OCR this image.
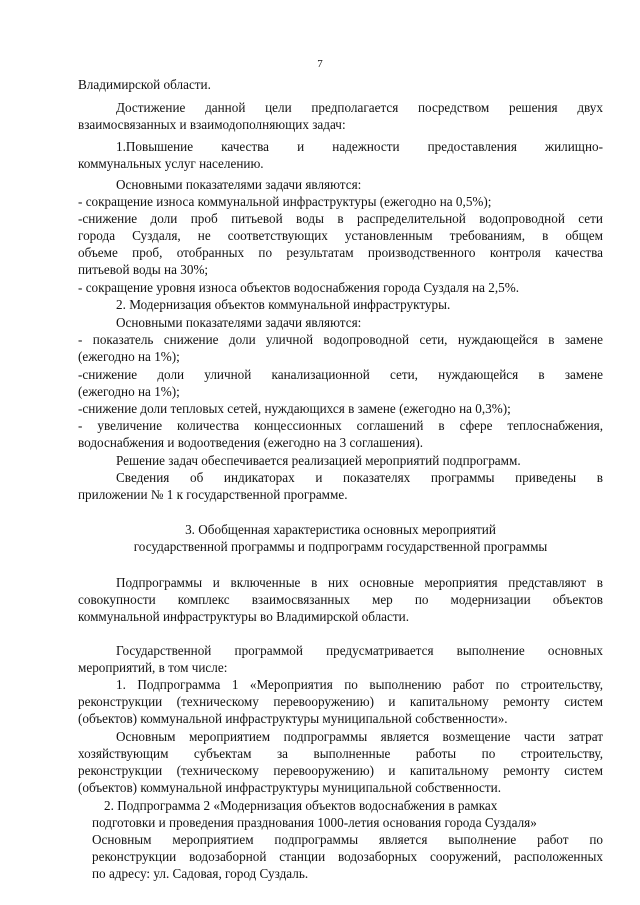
7
Владимирской области.
Достижение данной цели предполагается посредством решения двух
взаимосвязанных и взаимодополняющих задач:
1.Повышение качества и надежности предоставления жилищно-
коммунальных услуг населению.
Основными показателями задачи являются:
- сокращение износа коммунальной инфраструктуры (ежегодно на 0,5%);
-снижение доли проб питьевой воды в распределительной водопроводной сети
города Суздаля, не соответствующих установленным требованиям, в общем
объеме проб, отобранных по результатам производственного контроля качества
питьевой воды на 30%;
- сокращение уровня износа объектов водоснабжения города Суздаля на 2,5%.
2. Модернизация объектов коммунальной инфраструктуры.
Основными показателями задачи являются:
- показатель снижение доли уличной водопроводной сети, нуждающейся в замене
(ежегодно на 1%);
-снижение доли уличной канализационной сети, нуждающейся в замене
(ежегодно на 1%);
-снижение доли тепловых сетей, нуждающихся в замене (ежегодно на 0,3%);
- увеличение количества концессионных соглашений в сфере теплоснабжения,
водоснабжения и водоотведения (ежегодно на 3 соглашения).
Решение задач обеспечивается реализацией мероприятий подпрограмм.
Сведения об индикаторах и показателях программы приведены в
приложении № 1 к государственной программе.
3. Обобщенная характеристика основных мероприятий
государственной программы и подпрограмм государственной программы
Подпрограммы и включенные в них основные мероприятия представляют в
совокупности комплекс взаимосвязанных мер по модернизации объектов
коммунальной инфраструктуры во Владимирской области.
Государственной программой предусматривается выполнение основных
мероприятий, в том числе:
1. Подпрограмма 1 «Мероприятия по выполнению работ по строительству,
реконструкции (техническому перевооружению) и капитальному ремонту систем
(объектов) коммунальной инфраструктуры муниципальной собственности».
Основным мероприятием подпрограммы является возмещение части затрат
хозяйствующим субъектам за выполненные работы по строительству,
реконструкции (техническому перевооружению) и капитальному ремонту систем
(объектов) коммунальной инфраструктуры муниципальной собственности.
2. Подпрограмма 2 «Модернизация объектов водоснабжения в рамках
подготовки и проведения празднования 1000-летия основания города Суздаля»
Основным мероприятием подпрограммы является выполнение работ по
реконструкции водозаборной станции водозаборных сооружений, расположенных
по адресу: ул. Садовая, город Суздаль.
